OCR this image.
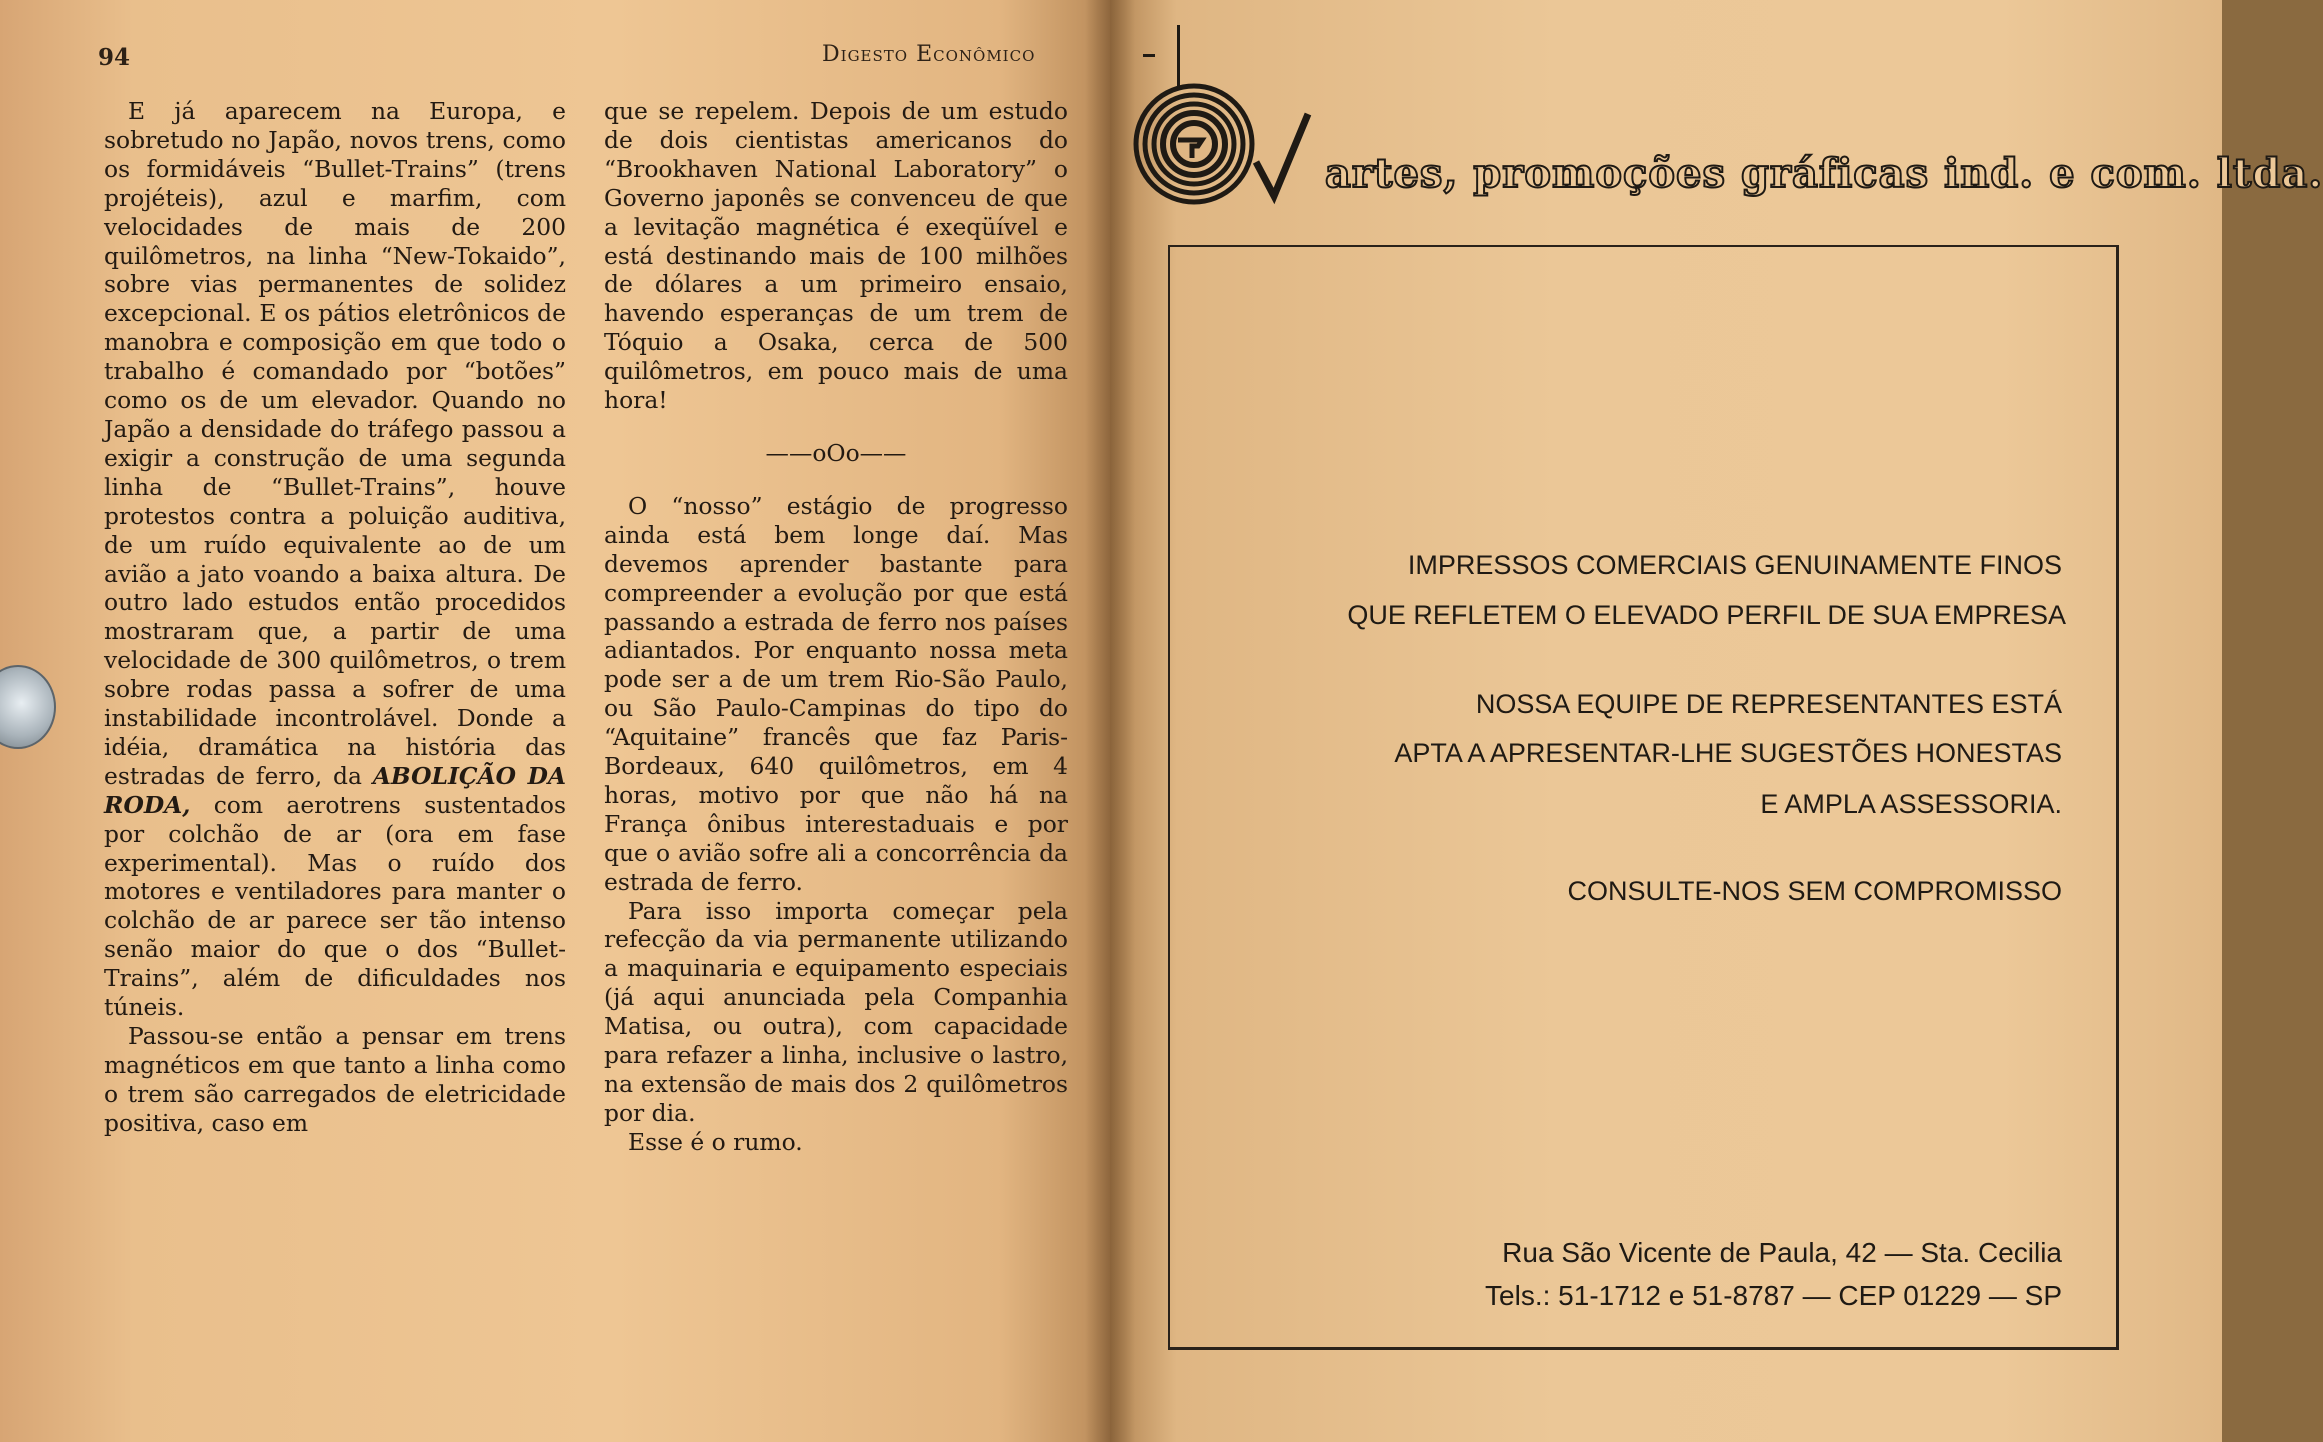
94	Digesto Econômico

E já aparecem na Europa, e sobretudo no Japão, novos trens, como os formidáveis “Bullet-Trains” (trens projéteis), azul e marfim, com velocidades de mais de 200 quilômetros, na linha “New-Tokaido”, sobre vias permanentes de solidez excepcional. E os pátios eletrônicos de manobra e composição em que todo o trabalho é comandado por “botões” como os de um elevador. Quando no Japão a densidade do tráfego passou a exigir a construção de uma segunda linha de “Bullet-Trains”, houve protestos contra a poluição auditiva, de um ruído equivalente ao de um avião a jato voando a baixa altura. De outro lado estudos então procedidos mostraram que, a partir de uma velocidade de 300 quilômetros, o trem sobre rodas passa a sofrer de uma instabilidade incontrolável. Donde a idéia, dramática na história das estradas de ferro, da ABOLIÇÃO DA RODA, com aerotrens sustentados por colchão de ar (ora em fase experimental). Mas o ruído dos motores e ventiladores para manter o colchão de ar parece ser tão intenso senão maior do que o dos “Bullet-Trains”, além de dificuldades nos túneis.

Passou-se então a pensar em trens magnéticos em que tanto a linha como o trem são carregados de eletricidade positiva, caso em

que se repelem. Depois de um estudo de dois cientistas americanos do “Brookhaven National Laboratory” o Governo japonês se convenceu de que a levitação magnética é exeqüível e está destinando mais de 100 milhões de dólares a um primeiro ensaio, havendo esperanças de um trem de Tóquio a Osaka, cerca de 500 quilômetros, em pouco mais de uma hora!

——oOo——

O “nosso” estágio de progresso ainda está bem longe daí. Mas devemos aprender bastante para compreender a evolução por que está passando a estrada de ferro nos países adiantados. Por enquanto nossa meta pode ser a de um trem Rio-São Paulo, ou São Paulo-Campinas do tipo do “Aquitaine” francês que faz Paris-Bordeaux, 640 quilômetros, em 4 horas, motivo por que não há na França ônibus interestaduais e por que o avião sofre ali a concorrência da estrada de ferro.

Para isso importa começar pela refecção da via permanente utilizando a maquinaria e equipamento especiais (já aqui anunciada pela Companhia Matisa, ou outra), com capacidade para refazer a linha, inclusive o lastro, na extensão de mais dos 2 quilômetros por dia.

Esse é o rumo.

artes, promoções gráficas ind. e com. ltda.
IMPRESSOS COMERCIAIS GENUINAMENTE FINOS
QUE REFLETEM O ELEVADO PERFIL DE SUA EMPRESA
NOSSA EQUIPE DE REPRESENTANTES ESTÁ
APTA A APRESENTAR-LHE SUGESTÕES HONESTAS
E AMPLA ASSESSORIA.
CONSULTE-NOS SEM COMPROMISSO
Rua São Vicente de Paula, 42 — Sta. Cecilia
Tels.: 51-1712 e 51-8787 — CEP 01229 — SP
